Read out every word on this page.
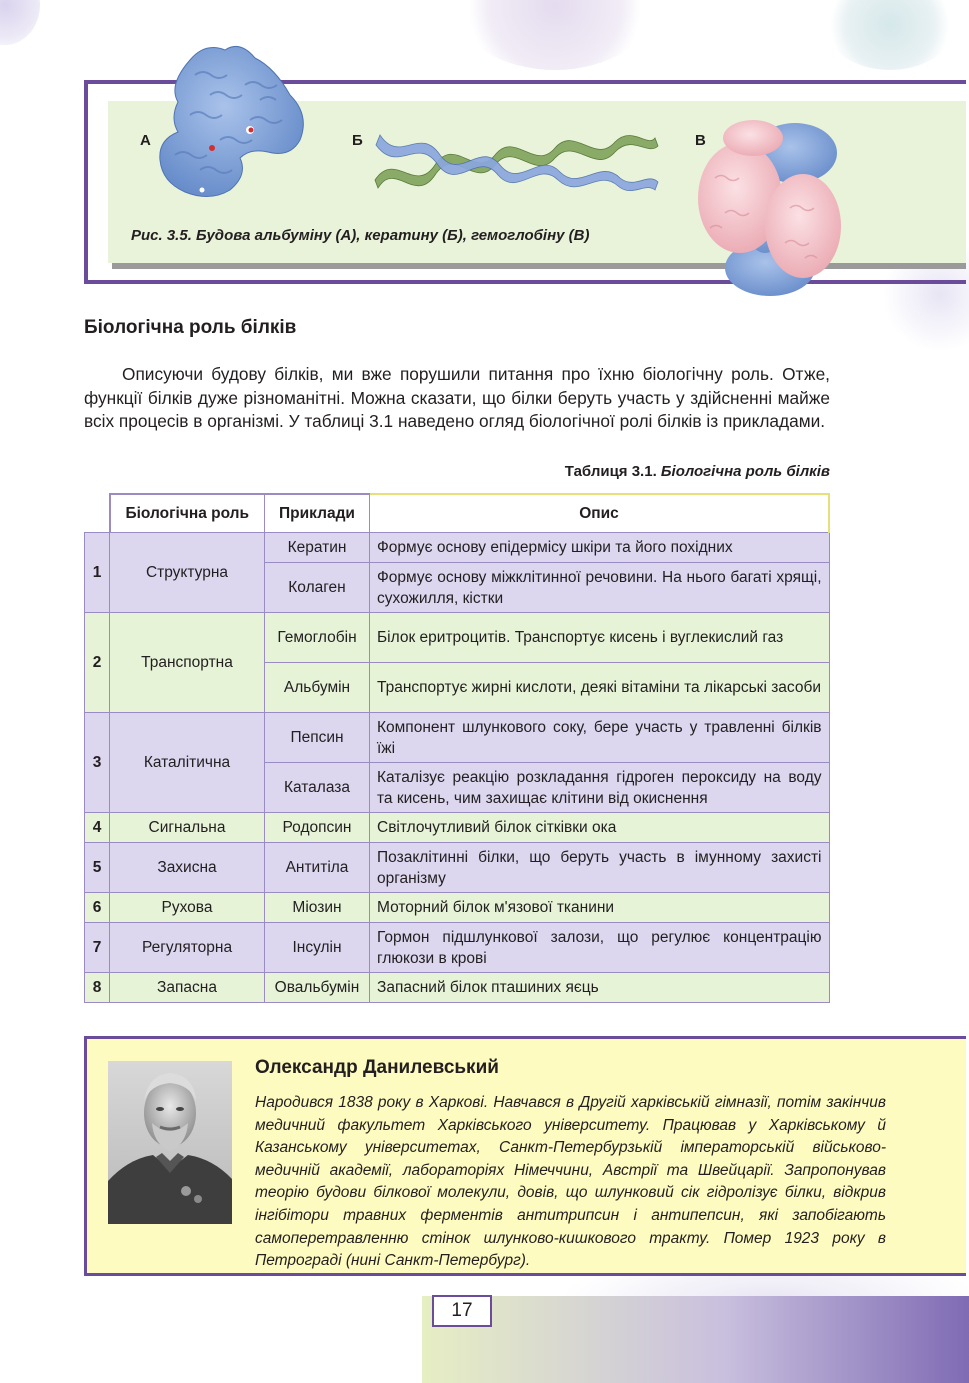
А	Б	В
Рис. 3.5. Будова альбуміну (А), кератину (Б), гемоглобіну (В)
Біологічна роль білків
Описуючи будову білків, ми вже порушили питання про їхню біологічну роль. Отже, функції білків дуже різноманітні. Можна сказати, що білки беруть участь у здійсненні майже всіх процесів в організмі. У таблиці 3.1 наведено огляд біологічної ролі білків із прикладами.
Таблиця 3.1. Біологічна роль білків
	Біологічна роль	Приклади	Опис
1	Структурна	Кератин	Формує основу епідермісу шкіри та його похідних
		Колаген	Формує основу міжклітинної речовини. На нього багаті хрящі, сухожилля, кістки
2	Транспортна	Гемоглобін	Білок еритроцитів. Транспортує кисень і вуглекислий газ
		Альбумін	Транспортує жирні кислоти, деякі вітаміни та лікарські засоби
3	Каталітична	Пепсин	Компонент шлункового соку, бере участь у травленні білків їжі
		Каталаза	Каталізує реакцію розкладання гідроген пероксиду на воду та кисень, чим захищає клітини від окиснення
4	Сигнальна	Родопсин	Світлочутливий білок сітківки ока
5	Захисна	Антитіла	Позаклітинні білки, що беруть участь в імунному захисті організму
6	Рухова	Міозин	Моторний білок м'язової тканини
7	Регуляторна	Інсулін	Гормон підшлункової залози, що регулює концентрацію глюкози в крові
8	Запасна	Овальбумін	Запасний білок пташиних яєць
Олександр Данилевський
Народився 1838 року в Харкові. Навчався в Другій харківській гімназії, потім закінчив медичний факультет Харківського університету. Працював у Харківському й Казанському університетах, Санкт-Петербурзькій імператорській військово-медичній академії, лабораторіях Німеччини, Австрії та Швейцарії. Запропонував теорію будови білкової молекули, довів, що шлунковий сік гідролізує білки, відкрив інгібітори травних ферментів антитрипсин і антипепсин, які запобігають самоперетравленню стінок шлунково-кишкового тракту. Помер 1923 року в Петрограді (нині Санкт-Петербург).
17
